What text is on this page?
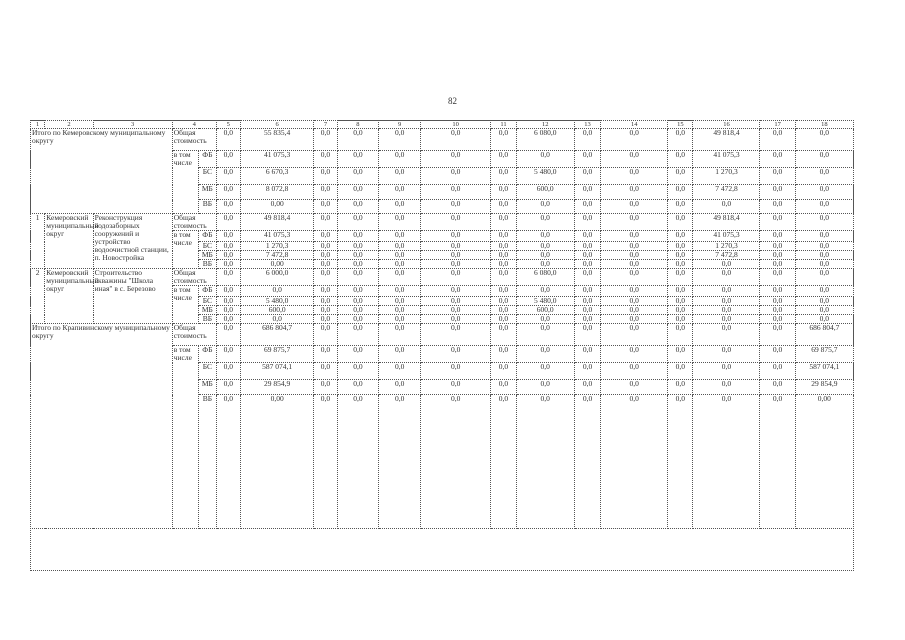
82
1	2	3	4		5	6	7	8	9	10	11	12	13	14	15	16	17	18
Итого по Кемеровскому муниципальному округу			Общая стоимость		0,0	55 835,4	0,0	0,0	0,0	0,0	0,0	6 080,0	0,0	0,0	0,0	49 818,4	0,0	0,0
			в том числе	ФБ	0,0	41 075,3	0,0	0,0	0,0	0,0	0,0	0,0	0,0	0,0	0,0	41 075,3	0,0	0,0
				БС	0,0	6 670,3	0,0	0,0	0,0	0,0	0,0	5 480,0	0,0	0,0	0,0	1 270,3	0,0	0,0
				МБ	0,0	8 072,8	0,0	0,0	0,0	0,0	0,0	600,0	0,0	0,0	0,0	7 472,8	0,0	0,0
				ВБ	0,0	0,00	0,0	0,0	0,0	0,0	0,0	0,0	0,0	0,0	0,0	0,0	0,0	0,0
1	Кемеровский муниципальный округ	Реконструкция водозаборных сооружений и устройство водоочистной станции, п. Новостройка	Общая стоимость		0,0	49 818,4	0,0	0,0	0,0	0,0	0,0	0,0	0,0	0,0	0,0	49 818,4	0,0	0,0
			в том числе	ФБ	0,0	41 075,3	0,0	0,0	0,0	0,0	0,0	0,0	0,0	0,0	0,0	41 075,3	0,0	0,0
				БС	0,0	1 270,3	0,0	0,0	0,0	0,0	0,0	0,0	0,0	0,0	0,0	1 270,3	0,0	0,0
				МБ	0,0	7 472,8	0,0	0,0	0,0	0,0	0,0	0,0	0,0	0,0	0,0	7 472,8	0,0	0,0
				ВБ	0,0	0,00	0,0	0,0	0,0	0,0	0,0	0,0	0,0	0,0	0,0	0,0	0,0	0,0
2	Кемеровский муниципальный округ	Строительство скважины "Школа иная" в с. Березово	Общая стоимость		0,0	6 000,0	0,0	0,0	0,0	0,0	0,0	6 080,0	0,0	0,0	0,0	0,0	0,0	0,0
			в том числе	ФБ	0,0	0,0	0,0	0,0	0,0	0,0	0,0	0,0	0,0	0,0	0,0	0,0	0,0	0,0
				БС	0,0	5 480,0	0,0	0,0	0,0	0,0	0,0	5 480,0	0,0	0,0	0,0	0,0	0,0	0,0
				МБ	0,0	600,0	0,0	0,0	0,0	0,0	0,0	600,0	0,0	0,0	0,0	0,0	0,0	0,0
				ВБ	0,0	0,0	0,0	0,0	0,0	0,0	0,0	0,0	0,0	0,0	0,0	0,0	0,0	0,0
Итого по Крапивинскому муниципальному округу			Общая стоимость		0,0	686 804,7	0,0	0,0	0,0	0,0	0,0	0,0	0,0	0,0	0,0	0,0	0,0	686 804,7
			в том числе	ФБ	0,0	69 875,7	0,0	0,0	0,0	0,0	0,0	0,0	0,0	0,0	0,0	0,0	0,0	69 875,7
				БС	0,0	587 074,1	0,0	0,0	0,0	0,0	0,0	0,0	0,0	0,0	0,0	0,0	0,0	587 074,1
				МБ	0,0	29 854,9	0,0	0,0	0,0	0,0	0,0	0,0	0,0	0,0	0,0	0,0	0,0	29 854,9
				ВБ	0,0	0,00	0,0	0,0	0,0	0,0	0,0	0,0	0,0	0,0	0,0	0,0	0,0	0,00
